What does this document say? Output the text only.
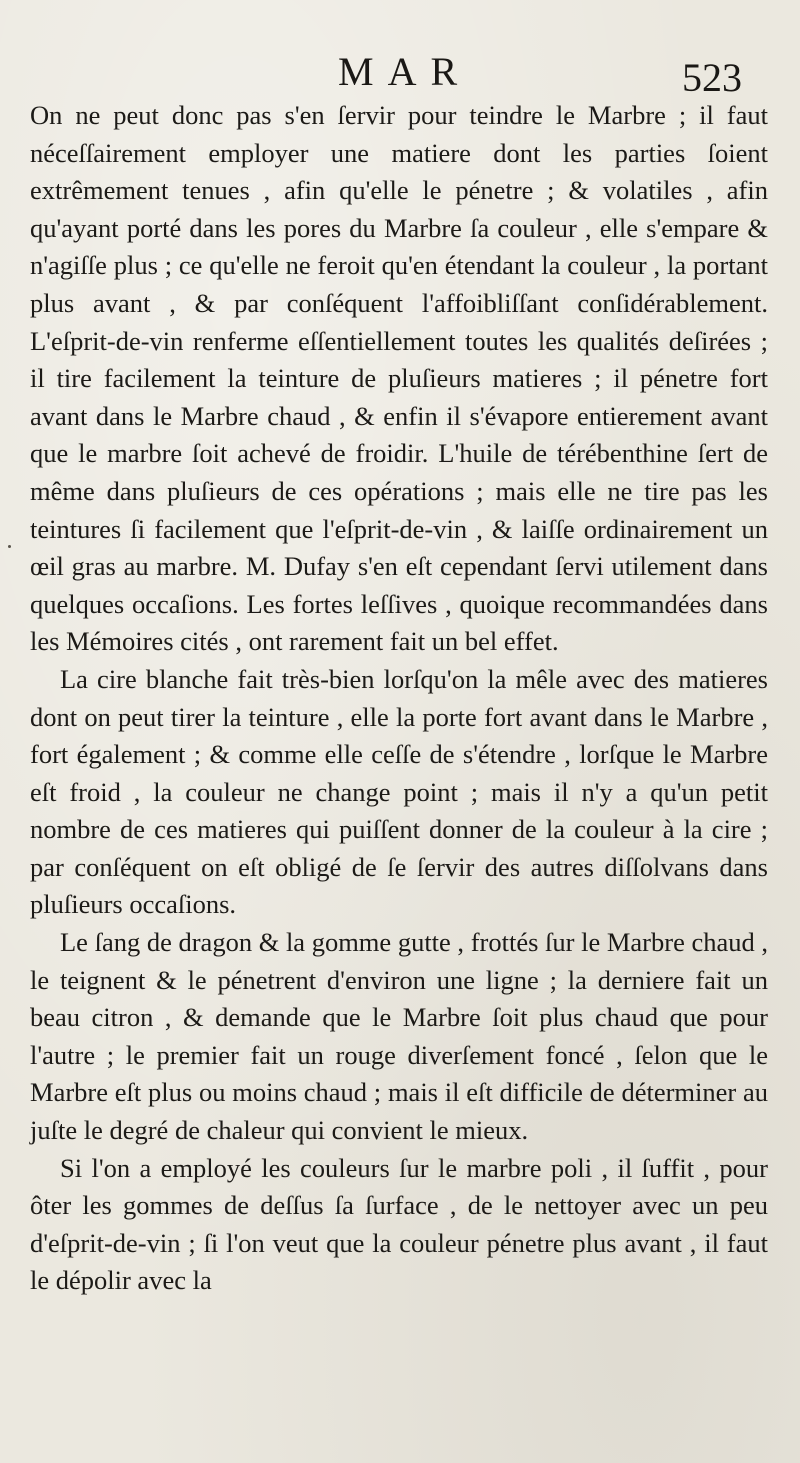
MAR	523

On ne peut donc pas s'en ſervir pour teindre le Marbre ; il faut néceſſairement employer une matiere dont les parties ſoient extrêmement tenues , afin qu'elle le pénetre ; & volatiles , afin qu'ayant porté dans les pores du Marbre ſa couleur , elle s'empare & n'agiſſe plus ; ce qu'elle ne feroit qu'en étendant la couleur , la portant plus avant , & par conſéquent l'affoibliſſant conſidérablement. L'eſprit-de-vin renferme eſſentiellement toutes les qualités deſirées ; il tire facilement la teinture de pluſieurs matieres ; il pénetre fort avant dans le Marbre chaud , & enfin il s'évapore entierement avant que le marbre ſoit achevé de froidir. L'huile de térébenthine ſert de même dans pluſieurs de ces opérations ; mais elle ne tire pas les teintures ſi facilement que l'eſprit-de-vin , & laiſſe ordinairement un œil gras au marbre. M. Dufay s'en eſt cependant ſervi utilement dans quelques occaſions. Les fortes leſſives , quoique recommandées dans les Mémoires cités , ont rarement fait un bel effet.

La cire blanche fait très-bien lorſqu'on la mêle avec des matieres dont on peut tirer la teinture , elle la porte fort avant dans le Marbre , fort également ; & comme elle ceſſe de s'étendre , lorſque le Marbre eſt froid , la couleur ne change point ; mais il n'y a qu'un petit nombre de ces matieres qui puiſſent donner de la couleur à la cire ; par conſéquent on eſt obligé de ſe ſervir des autres diſſolvans dans pluſieurs occaſions.

Le ſang de dragon & la gomme gutte , frottés ſur le Marbre chaud , le teignent & le pénetrent d'environ une ligne ; la derniere fait un beau citron , & demande que le Marbre ſoit plus chaud que pour l'autre ; le premier fait un rouge diverſement foncé , ſelon que le Marbre eſt plus ou moins chaud ; mais il eſt difficile de déterminer au juſte le degré de chaleur qui convient le mieux.

Si l'on a employé les couleurs ſur le marbre poli , il ſuffit , pour ôter les gommes de deſſus ſa ſurface , de le nettoyer avec un peu d'eſprit-de-vin ; ſi l'on veut que la couleur pénetre plus avant , il faut le dépolir avec la
